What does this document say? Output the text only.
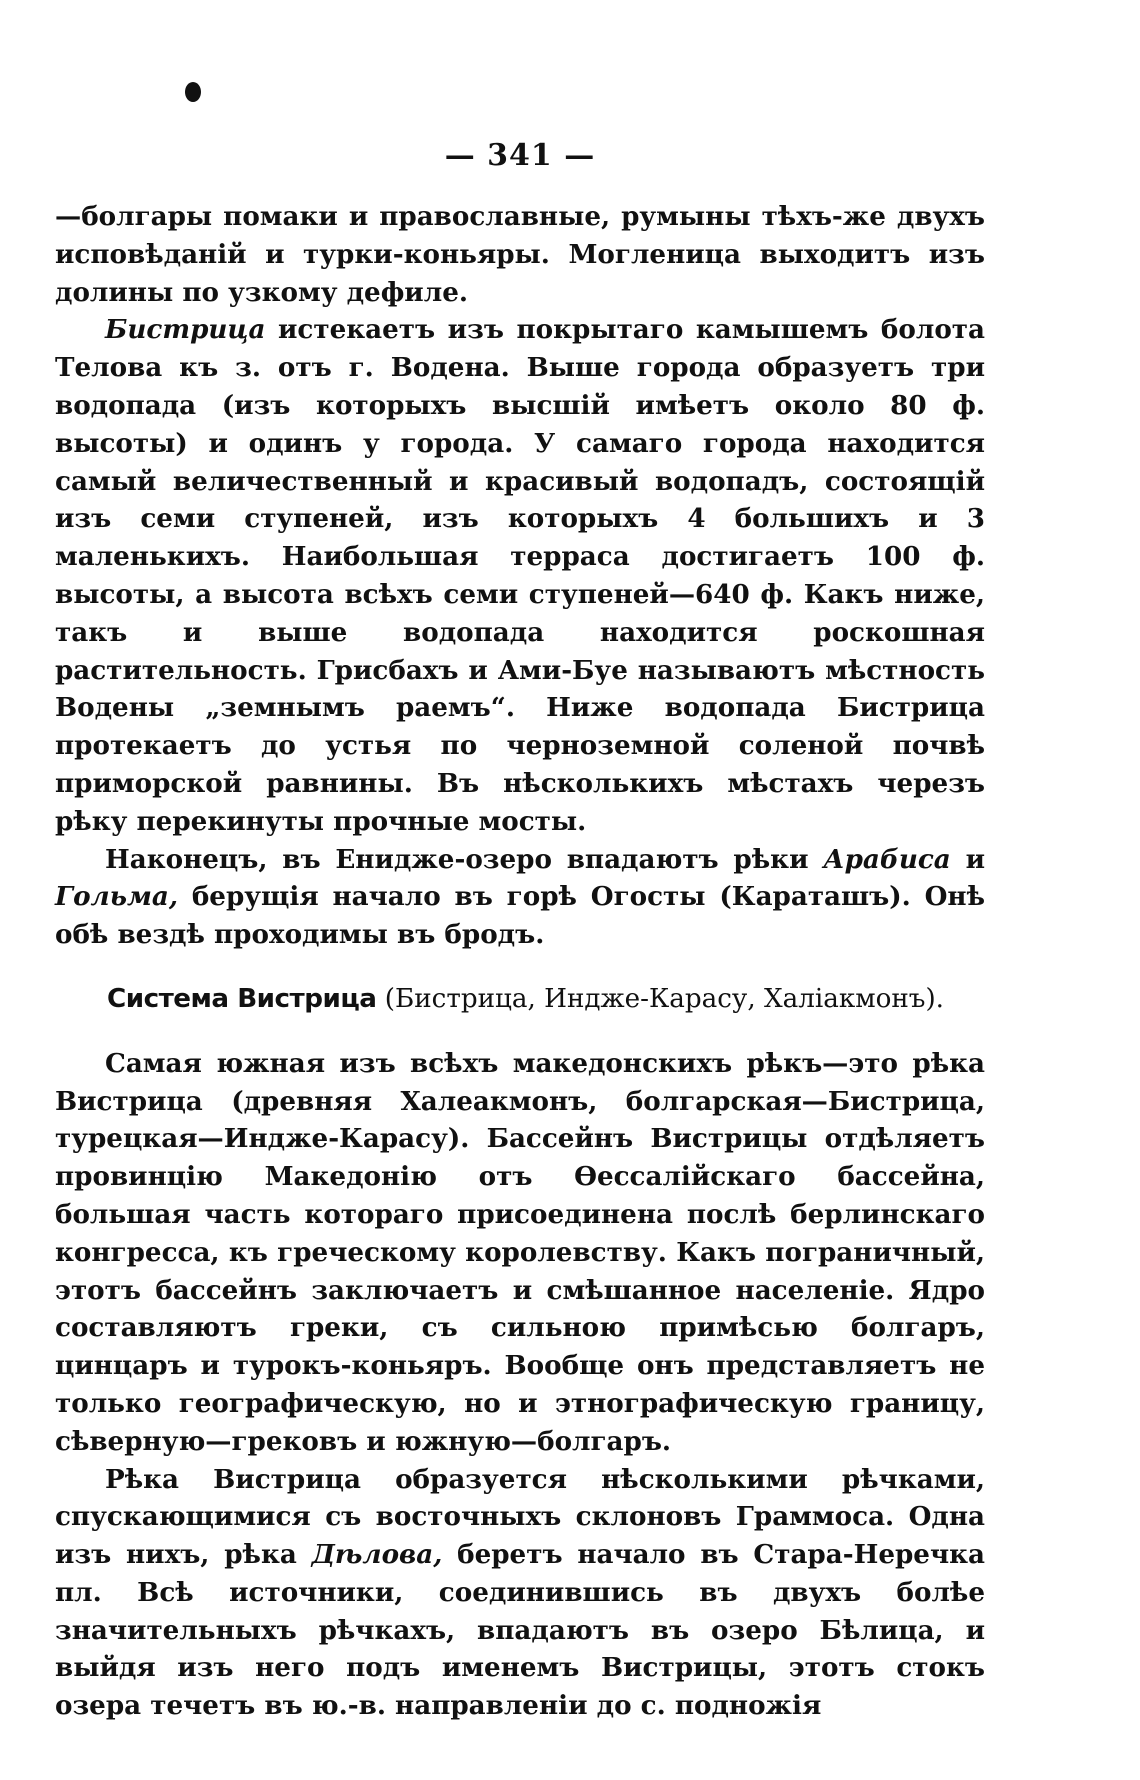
— 341 —

—болгары помаки и православные, румыны тѣхъ-же двухъ исповѣданій и турки-коньяры. Могленица выходитъ изъ долины по узкому дефиле.

Бистрица истекаетъ изъ покрытаго камышемъ болота Телова къ з. отъ г. Водена. Выше города образуетъ три водопада (изъ которыхъ высшій имѣетъ около 80 ф. высоты) и одинъ у города. У самаго города находится самый величественный и красивый водопадъ, состоящій изъ семи ступеней, изъ которыхъ 4 большихъ и 3 маленькихъ. Наибольшая терраса достигаетъ 100 ф. высоты, а высота всѣхъ семи ступеней—640 ф. Какъ ниже, такъ и выше водопада находится роскошная растительность. Грисбахъ и Ами-Буе называютъ мѣстность Водены „земнымъ раемъ“. Ниже водопада Бистрица протекаетъ до устья по черноземной соленой почвѣ приморской равнины. Въ нѣсколькихъ мѣстахъ черезъ рѣку перекинуты прочные мосты.

Наконецъ, въ Енидже-озеро впадаютъ рѣки Арабиса и Гольма, берущія начало въ горѣ Огосты (Караташъ). Онѣ обѣ вездѣ проходимы въ бродъ.

Система Вистрица (Бистрица, Индже-Карасу, Халіакмонъ).

Самая южная изъ всѣхъ македонскихъ рѣкъ—это рѣка Вистрица (древняя Халеакмонъ, болгарская—Бистрица, турецкая—Индже-Карасу). Бассейнъ Вистрицы отдѣляетъ провинцію Македонію отъ Ѳессалійскаго бассейна, большая часть котораго присоединена послѣ берлинскаго конгресса, къ греческому королевству. Какъ пограничный, этотъ бассейнъ заключаетъ и смѣшанное населеніе. Ядро составляютъ греки, съ сильною примѣсью болгаръ, цинцаръ и турокъ-коньяръ. Вообще онъ представляетъ не только географическую, но и этнографическую границу, сѣверную—грековъ и южную—болгаръ.

Рѣка Вистрица образуется нѣсколькими рѣчками, спускающимися съ восточныхъ склоновъ Граммоса. Одна изъ нихъ, рѣка Дѣлова, беретъ начало въ Стара-Неречка пл. Всѣ источники, соединившись въ двухъ болѣе значительныхъ рѣчкахъ, впадаютъ въ озеро Бѣлица, и выйдя изъ него подъ именемъ Вистрицы, этотъ стокъ озера течетъ въ ю.-в. направленіи до с. подножія
